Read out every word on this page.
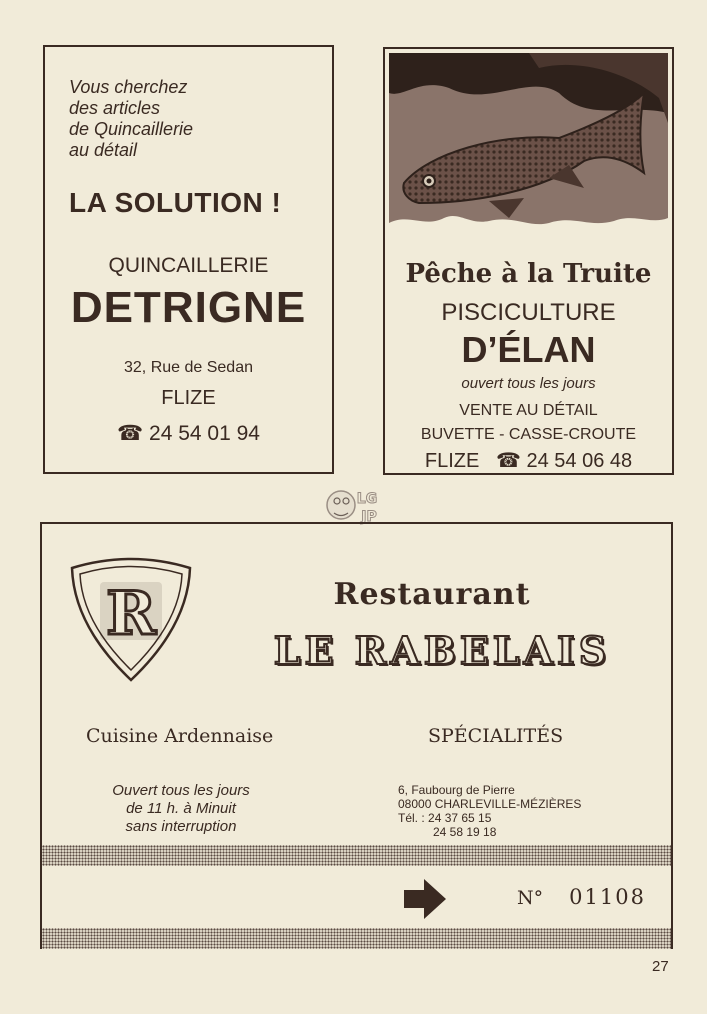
Vous cherchez
des articles
de Quincaillerie
au détail
LA SOLUTION !
QUINCAILLERIE
DETRIGNE
32, Rue de Sedan
FLIZE
☎ 24 54 01 94
Pêche à la Truite
PISCICULTURE
D’ÉLAN
ouvert tous les jours
VENTE AU DÉTAIL
BUVETTE - CASSE-CROUTE
FLIZE ☎ 24 54 06 48
LG
JP
R	Restaurant
LE RABELAIS
Cuisine Ardennaise	SPÉCIALITÉS
Ouvert tous les jours
de 11 h. à Minuit
sans interruption
6, Faubourg de Pierre
08000 CHARLEVILLE-MÉZIÈRES
Tél. : 24 37 65 15
24 58 19 18
N° 01108
27
